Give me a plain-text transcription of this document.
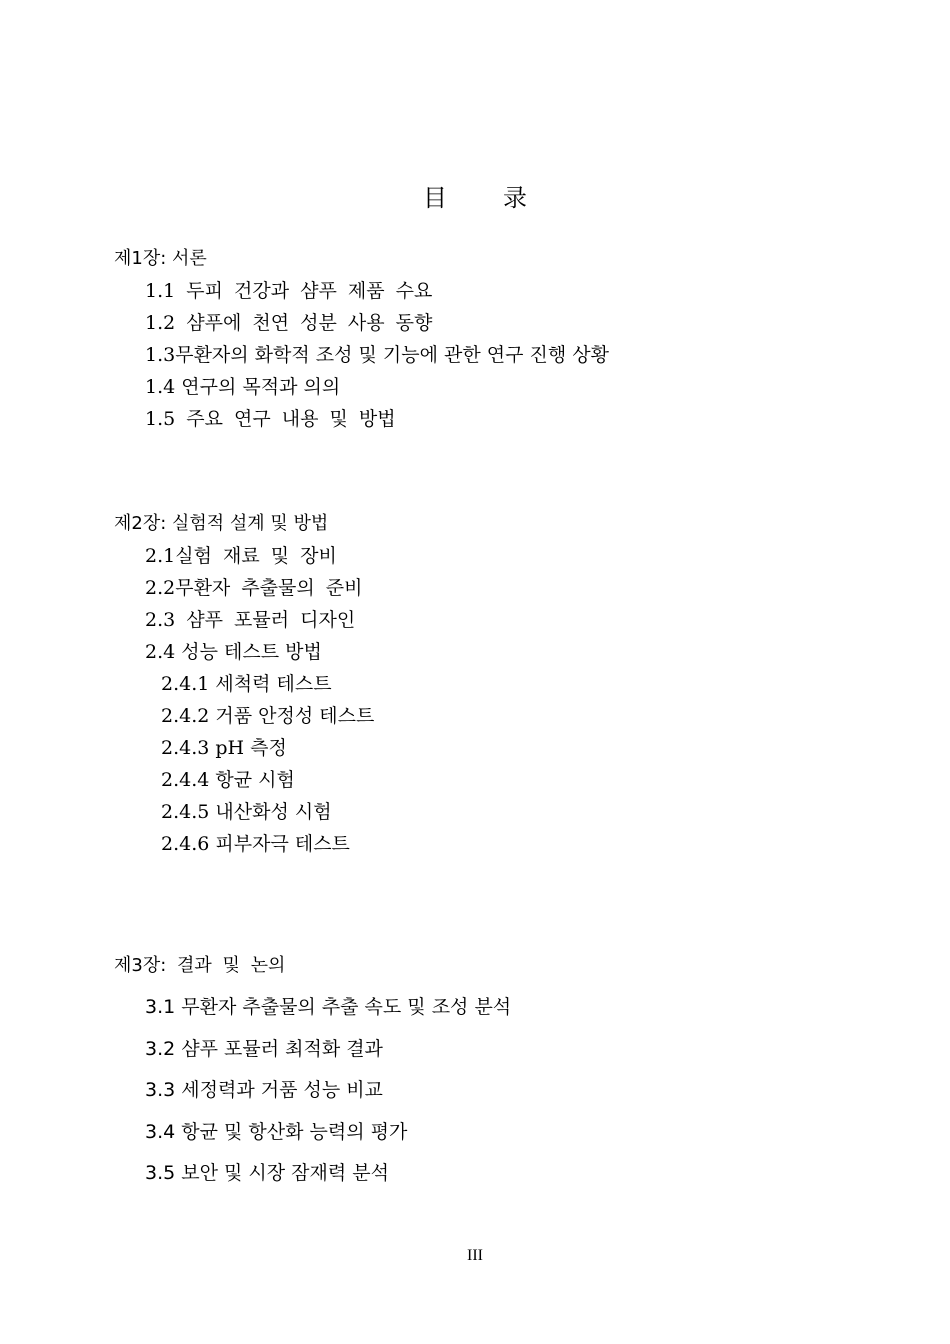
目 录
제1장: 서론
1.1 두피 건강과 샴푸 제품 수요
1.2 샴푸에 천연 성분 사용 동향
1.3무환자의 화학적 조성 및 기능에 관한 연구 진행 상황
1.4 연구의 목적과 의의
1.5 주요 연구 내용 및 방법
제2장: 실험적 설계 및 방법
2.1실험 재료 및 장비
2.2무환자 추출물의 준비
2.3 샴푸 포뮬러 디자인
2.4 성능 테스트 방법
2.4.1 세척력 테스트
2.4.2 거품 안정성 테스트
2.4.3 pH 측정
2.4.4 항균 시험
2.4.5 내산화성 시험
2.4.6 피부자극 테스트
제3장: 결과 및 논의
3.1 무환자 추출물의 추출 속도 및 조성 분석
3.2 샴푸 포뮬러 최적화 결과
3.3 세정력과 거품 성능 비교
3.4 항균 및 항산화 능력의 평가
3.5 보안 및 시장 잠재력 분석
III
